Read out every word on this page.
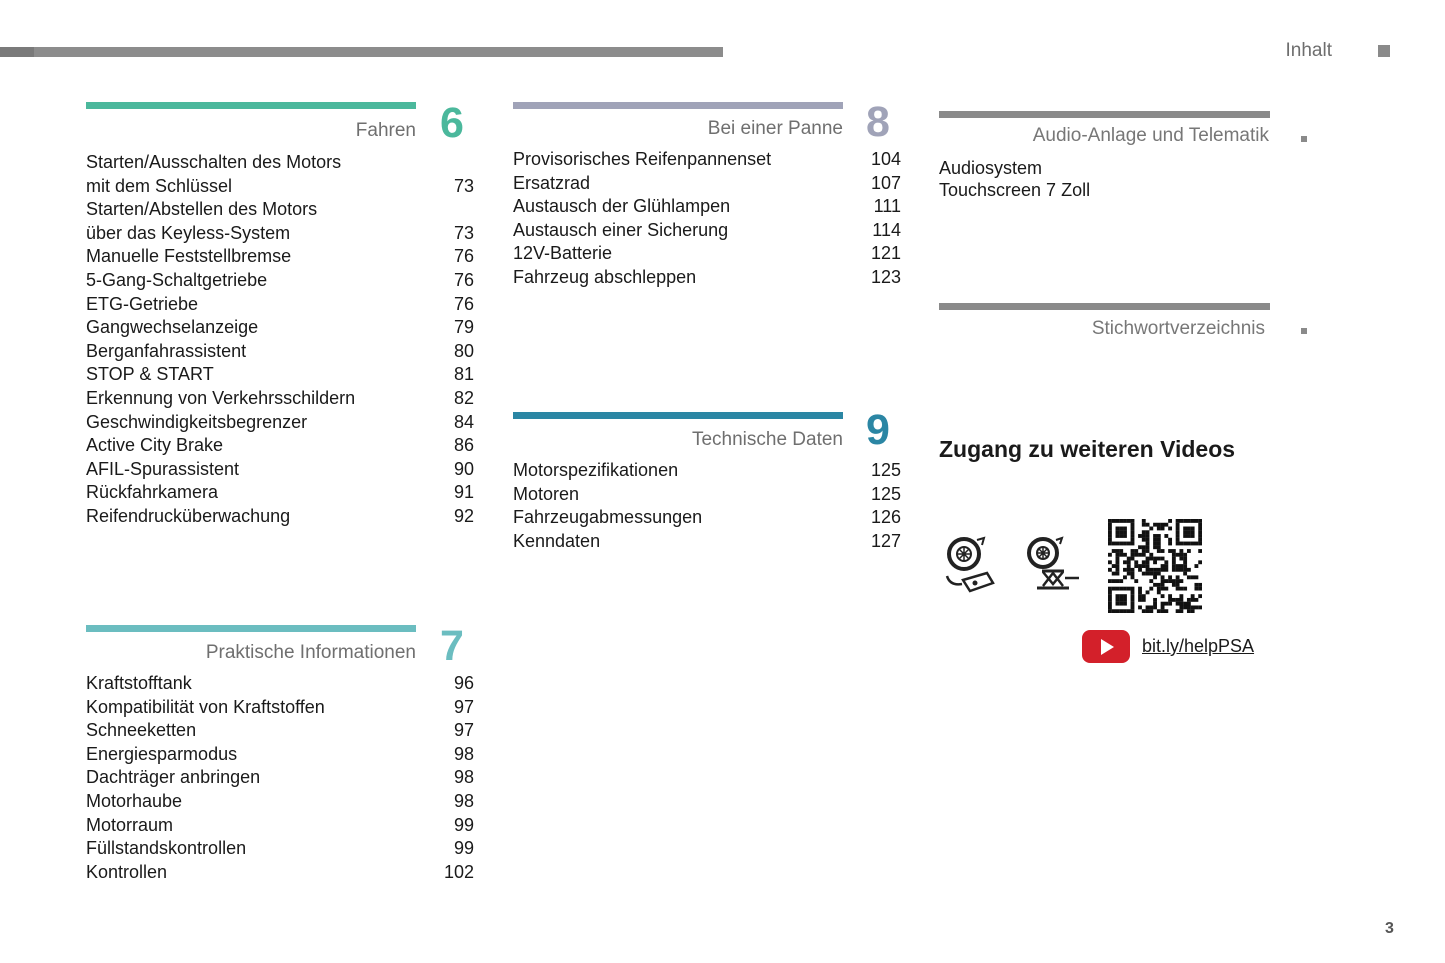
Inhalt
Fahren 6
Starten/Ausschalten des Motors
mit dem Schlüssel	73
Starten/Abstellen des Motors
über das Keyless-System	73
Manuelle Feststellbremse	76
5-Gang-Schaltgetriebe	76
ETG-Getriebe	76
Gangwechselanzeige	79
Berganfahrassistent	80
STOP & START	81
Erkennung von Verkehrsschildern	82
Geschwindigkeitsbegrenzer	84
Active City Brake	86
AFIL-Spurassistent	90
Rückfahrkamera	91
Reifendrucküberwachung	92
Praktische Informationen 7
Kraftstofftank	96
Kompatibilität von Kraftstoffen	97
Schneeketten	97
Energiesparmodus	98
Dachträger anbringen	98
Motorhaube	98
Motorraum	99
Füllstandskontrollen	99
Kontrollen	102
Bei einer Panne 8
Provisorisches Reifenpannenset	104
Ersatzrad	107
Austausch der Glühlampen	111
Austausch einer Sicherung	114
12V-Batterie	121
Fahrzeug abschleppen	123
Technische Daten 9
Motorspezifikationen	125
Motoren	125
Fahrzeugabmessungen	126
Kenndaten	127
Audio-Anlage und Telematik
Audiosystem
Touchscreen 7 Zoll
Stichwortverzeichnis
Zugang zu weiteren Videos
bit.ly/helpPSA
3
